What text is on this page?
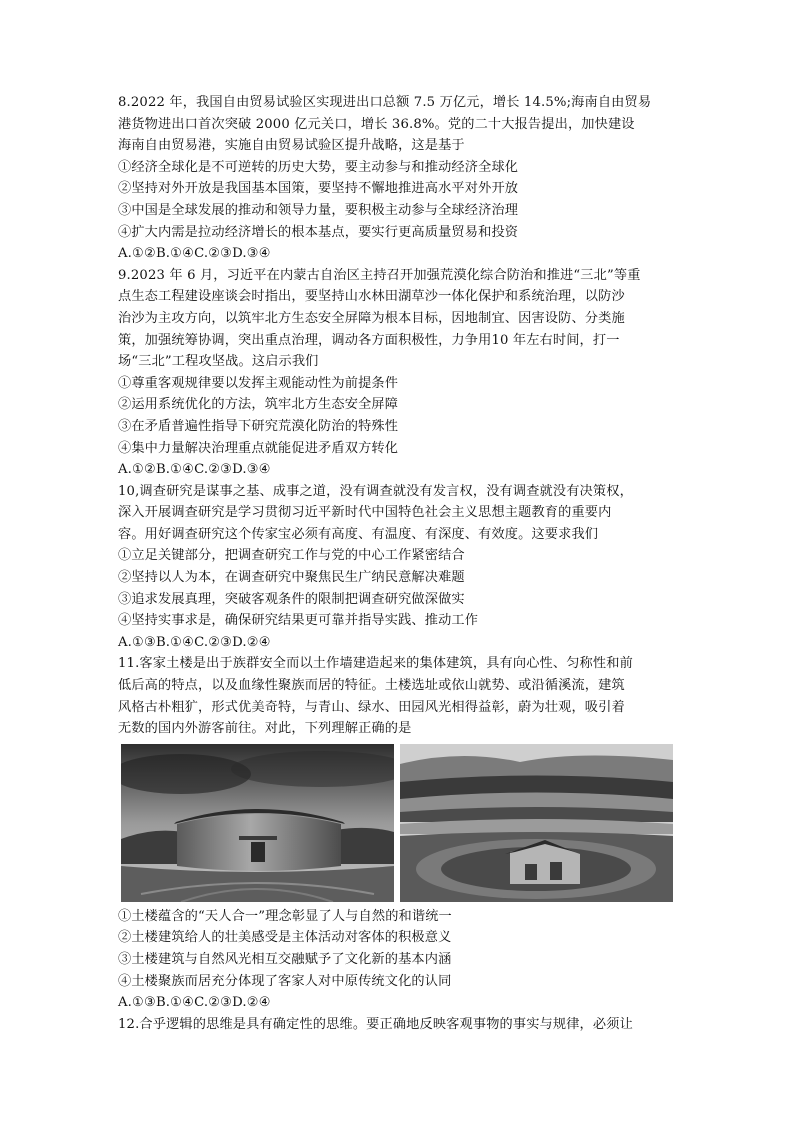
8.2022 年，我国自由贸易试验区实现进出口总额 7.5 万亿元，增长 14.5%;海南自由贸易
港货物进出口首次突破 2000 亿元关口，增长 36.8%。党的二十大报告提出，加快建设
海南自由贸易港，实施自由贸易试验区提升战略，这是基于
①经济全球化是不可逆转的历史大势，要主动参与和推动经济全球化
②坚持对外开放是我国基本国策，要坚持不懈地推进高水平对外开放
③中国是全球发展的推动和领导力量，要积极主动参与全球经济治理
④扩大内需是拉动经济增长的根本基点，要实行更高质量贸易和投资
A.①②B.①④C.②③D.③④
9.2023 年 6 月，习近平在内蒙古自治区主持召开加强荒漠化综合防治和推进“三北”等重
点生态工程建设座谈会时指出，要坚持山水林田湖草沙一体化保护和系统治理，以防沙
治沙为主攻方向，以筑牢北方生态安全屏障为根本目标，因地制宜、因害设防、分类施
策，加强统筹协调，突出重点治理，调动各方面积极性，力争用10 年左右时间，打一
场“三北”工程攻坚战。这启示我们
①尊重客观规律要以发挥主观能动性为前提条件
②运用系统优化的方法，筑牢北方生态安全屏障
③在矛盾普遍性指导下研究荒漠化防治的特殊性
④集中力量解决治理重点就能促进矛盾双方转化
A.①②B.①④C.②③D.③④
10,调查研究是谋事之基、成事之道，没有调查就没有发言权，没有调查就没有决策权，
深入开展调查研究是学习贯彻习近平新时代中国特色社会主义思想主题教育的重要内
容。用好调查研究这个传家宝必须有高度、有温度、有深度、有效度。这要求我们
①立足关键部分，把调查研究工作与党的中心工作紧密结合
②坚持以人为本，在调查研究中聚焦民生广纳民意解决难题
③追求发展真理，突破客观条件的限制把调查研究做深做实
④坚持实事求是，确保研究结果更可靠并指导实践、推动工作
A.①③B.①④C.②③D.②④
11.客家土楼是出于族群安全而以土作墙建造起来的集体建筑，具有向心性、匀称性和前
低后高的特点，以及血缘性聚族而居的特征。土楼选址或依山就势、或沿循溪流，建筑
风格古朴粗犷，形式优美奇特，与青山、绿水、田园风光相得益彰，蔚为壮观，吸引着
无数的国内外游客前往。对此，下列理解正确的是
①土楼蕴含的“天人合一”理念彰显了人与自然的和谐统一
②土楼建筑给人的壮美感受是主体活动对客体的积极意义
③土楼建筑与自然风光相互交融赋予了文化新的基本内涵
④土楼聚族而居充分体现了客家人对中原传统文化的认同
A.①③B.①④C.②③D.②④
12.合乎逻辑的思维是具有确定性的思维。要正确地反映客观事物的事实与规律，必须让
